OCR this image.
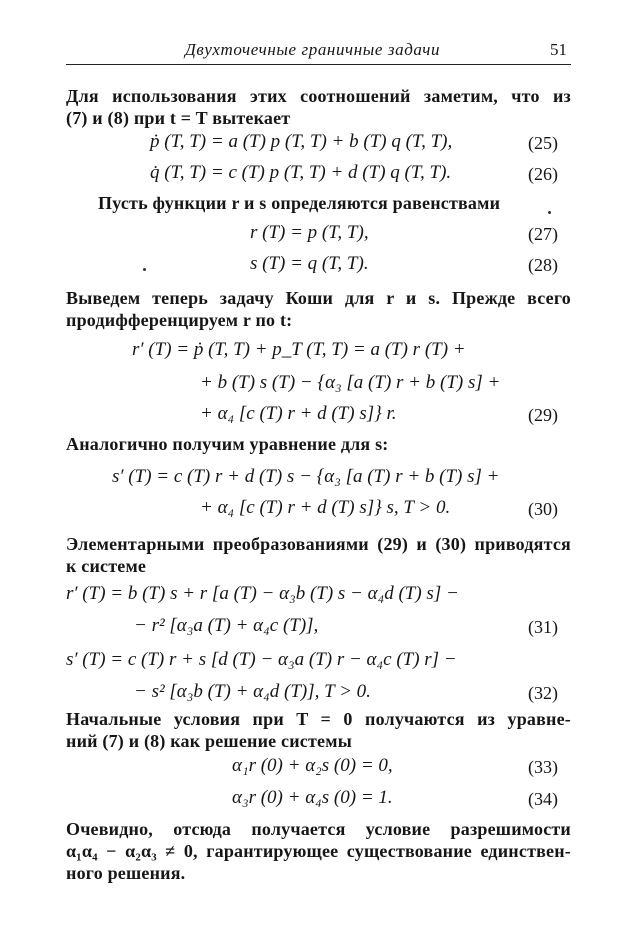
Двухточечные граничные задачи	51
Для использования этих соотношений заметим, что из
(7) и (8) при t = T вытекает
ṗ (T, T) = a (T) p (T, T) + b (T) q (T, T),	(25)
q̇ (T, T) = c (T) p (T, T) + d (T) q (T, T).	(26)
Пусть функции r и s определяются равенствами
r (T) = p (T, T),	(27)
s (T) = q (T, T).	(28)
Выведем теперь задачу Коши для r и s. Прежде всего
продифференцируем r по t:
r′ (T) = ṗ (T, T) + p_T (T, T) = a (T) r (T) +
+ b (T) s (T) − {α₃ [a (T) r + b (T) s] +
+ α₄ [c (T) r + d (T) s]} r.	(29)
Аналогично получим уравнение для s:
s′ (T) = c (T) r + d (T) s − {α₃ [a (T) r + b (T) s] +
+ α₄ [c (T) r + d (T) s]} s, T > 0.	(30)
Элементарными преобразованиями (29) и (30) приводятся
к системе
r′ (T) = b (T) s + r [a (T) − α₃b (T) s − α₄d (T) s] −
− r² [α₃a (T) + α₄c (T)],	(31)
s′ (T) = c (T) r + s [d (T) − α₃a (T) r − α₄c (T) r] −
− s² [α₃b (T) + α₄d (T)], T > 0.	(32)
Начальные условия при T = 0 получаются из уравне-
ний (7) и (8) как решение системы
α₁r (0) + α₂s (0) = 0,	(33)
α₃r (0) + α₄s (0) = 1.	(34)
Очевидно, отсюда получается условие разрешимости
α₁α₄ − α₂α₃ ≠ 0, гарантирующее существование единствен-
ного решения.
